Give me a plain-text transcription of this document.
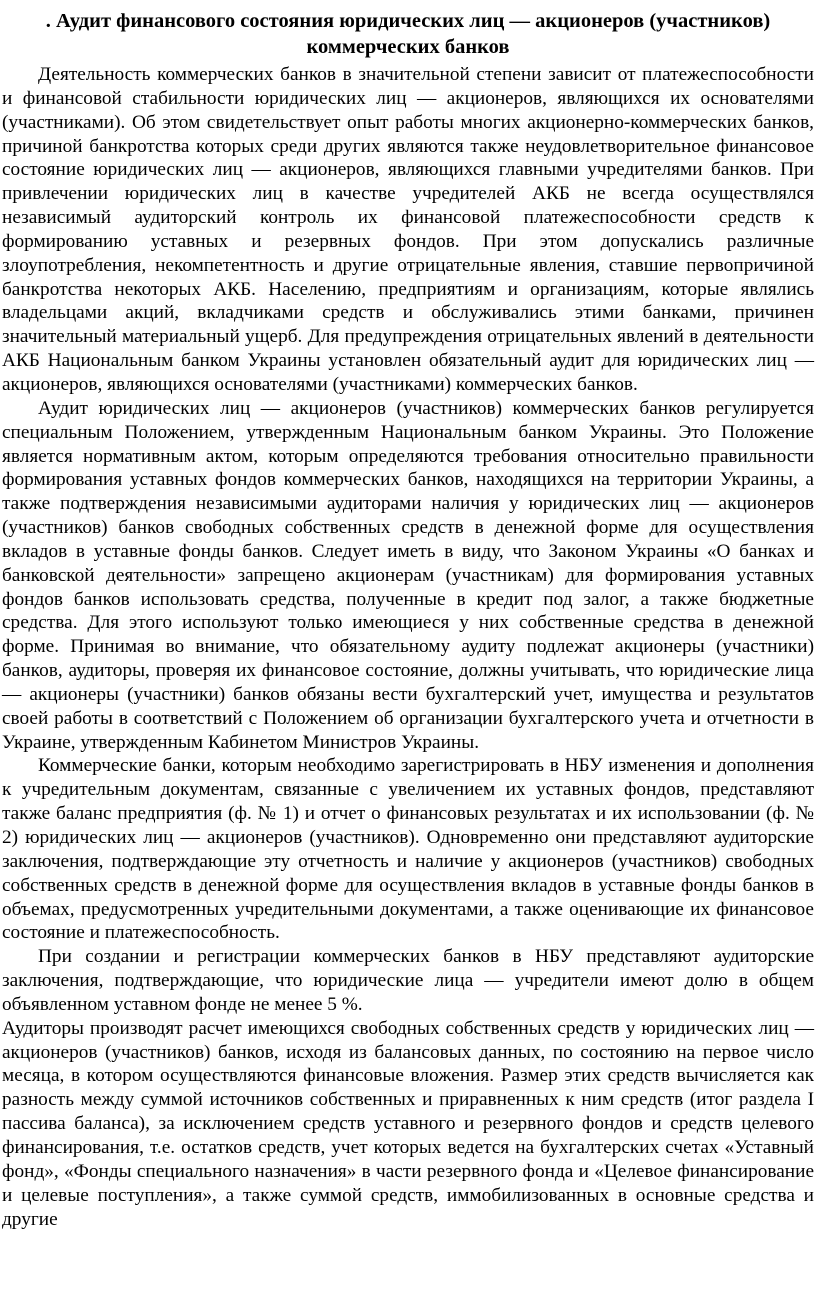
. Аудит финансового состояния юридических лиц — акционеров (участников) коммерческих банков

Деятельность коммерческих банков в значительной степени зависит от платежеспособности и финансовой стабильности юридических лиц — акционеров, являющихся их основателями (участниками). Об этом свидетельствует опыт работы многих акционерно-коммерческих банков, причиной банкротства которых среди других являются также неудовлетворительное финансовое состояние юридических лиц — акционеров, являющихся главными учредителями банков. При привлечении юридических лиц в качестве учредителей АКБ не всегда осуществлялся независимый аудиторский контроль их финансовой платежеспособности средств к формированию уставных и резервных фондов. При этом допускались различные злоупотребления, некомпетентность и другие отрицательные явления, ставшие первопричиной банкротства некоторых АКБ. Населению, предприятиям и организациям, которые являлись владельцами акций, вкладчиками средств и обслуживались этими банками, причинен значительный материальный ущерб. Для предупреждения отрицательных явлений в деятельности АКБ Национальным банком Украины установлен обязательный аудит для юридических лиц — акционеров, являющихся основателями (участниками) коммерческих банков.

Аудит юридических лиц — акционеров (участников) коммерческих банков регулируется специальным Положением, утвержденным Национальным банком Украины. Это Положение является нормативным актом, которым определяются требования относительно правильности формирования уставных фондов коммерческих банков, находящихся на территории Украины, а также подтверждения независимыми аудиторами наличия у юридических лиц — акционеров (участников) банков свободных собственных средств в денежной форме для осуществления вкладов в уставные фонды банков. Следует иметь в виду, что Законом Украины «О банках и банковской деятельности» запрещено акционерам (участникам) для формирования уставных фондов банков использовать средства, полученные в кредит под залог, а также бюджетные средства. Для этого используют только имеющиеся у них собственные средства в денежной форме. Принимая во внимание, что обязательному аудиту подлежат акционеры (участники) банков, аудиторы, проверяя их финансовое состояние, должны учитывать, что юридические лица — акционеры (участники) банков обязаны вести бухгалтерский учет, имущества и результатов своей работы в соответствий с Положением об организации бухгалтерского учета и отчетности в Украине, утвержденным Кабинетом Министров Украины.

Коммерческие банки, которым необходимо зарегистрировать в НБУ изменения и дополнения к учредительным документам, связанные с увеличением их уставных фондов, представляют также баланс предприятия (ф. № 1) и отчет о финансовых результатах и их использовании (ф. № 2) юридических лиц — акционеров (участников). Одновременно они представляют аудиторские заключения, подтверждающие эту отчетность и наличие у акционеров (участников) свободных собственных средств в денежной форме для осуществления вкладов в уставные фонды банков в объемах, предусмотренных учредительными документами, а также оценивающие их финансовое состояние и платежеспособность.

При создании и регистрации коммерческих банков в НБУ представляют аудиторские заключения, подтверждающие, что юридические лица — учредители имеют долю в общем объявленном уставном фонде не менее 5 %.

Аудиторы производят расчет имеющихся свободных собственных средств у юридических лиц — акционеров (участников) банков, исходя из балансовых данных, по состоянию на первое число месяца, в котором осуществляются финансовые вложения. Размер этих средств вычисляется как разность между суммой источников собственных и приравненных к ним средств (итог раздела I пассива баланса), за исключением средств уставного и резервного фондов и средств целевого финансирования, т.е. остатков средств, учет которых ведется на бухгалтерских счетах «Уставный фонд», «Фонды специального назначения» в части резервного фонда и «Целевое финансирование и целевые поступления», а также суммой средств, иммобилизованных в основные средства и другие
